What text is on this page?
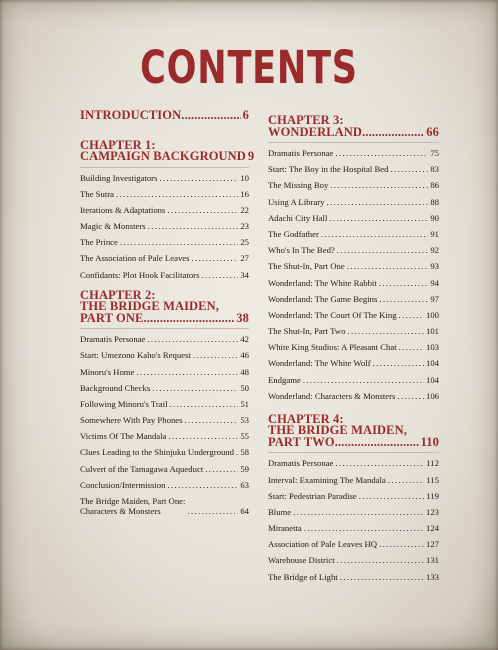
CONTENTS
INTRODUCTION . . .	6
CHAPTER 1:
CAMPAIGN BACKGROUND 9
Building Investigators . . .	10
The Sutra . . .	16
Iterations & Adaptations . . .	22
Magic & Monsters . . .	23
The Prince . . .	25
The Association of Pale Leaves . . .	27
Confidants: Plot Hook Facilitators . . .	34
CHAPTER 2:
THE BRIDGE MAIDEN,
PART ONE . . .	38
Dramatis Personae . . .	42
Start: Umezono Kaho's Request . . .	46
Minoru's Home . . .	48
Background Checks . . .	50
Following Minoru's Trail . . .	51
Somewhere With Pay Phones . . .	53
Victims Of The Mandala . . .	55
Clues Leading to the Shinjuku Underground . . . 58
Culvert of the Tamagawa Aqueduct . . .	59
Conclusion/Intermission . . .	63
The Bridge Maiden, Part One:
Characters & Monsters . . .	64
CHAPTER 3:
WONDERLAND . . .	66
Dramatis Personae . . .	75
Start: The Boy in the Hospital Bed . . .	83
The Missing Boy . . .	86
Using A Library . . .	88
Adachi City Hall . . .	90
The Godfather . . .	91
Who's In The Bed? . . .	92
The Shut-In, Part One . . .	93
Wonderland: The White Rabbit . . .	94
Wonderland: The Game Begins . . .	97
Wonderland: The Court Of The King . . .	100
The Shut-In, Part Two . . .	101
White King Studios: A Pleasant Chat . . .	103
Wonderland: The White Wolf . . .	104
Endgame . . .	104
Wonderland: Characters & Monsters . . .	106
CHAPTER 4:
THE BRIDGE MAIDEN,
PART TWO . . .	110
Dramatis Personae . . .	112
Interval: Examining The Mandala . . .	115
Start: Pedestrian Paradise . . .	119
Blume . . .	123
Miranetta . . .	124
Association of Pale Leaves HQ . . .	127
Warehouse District . . .	131
The Bridge of Light . . .	133
